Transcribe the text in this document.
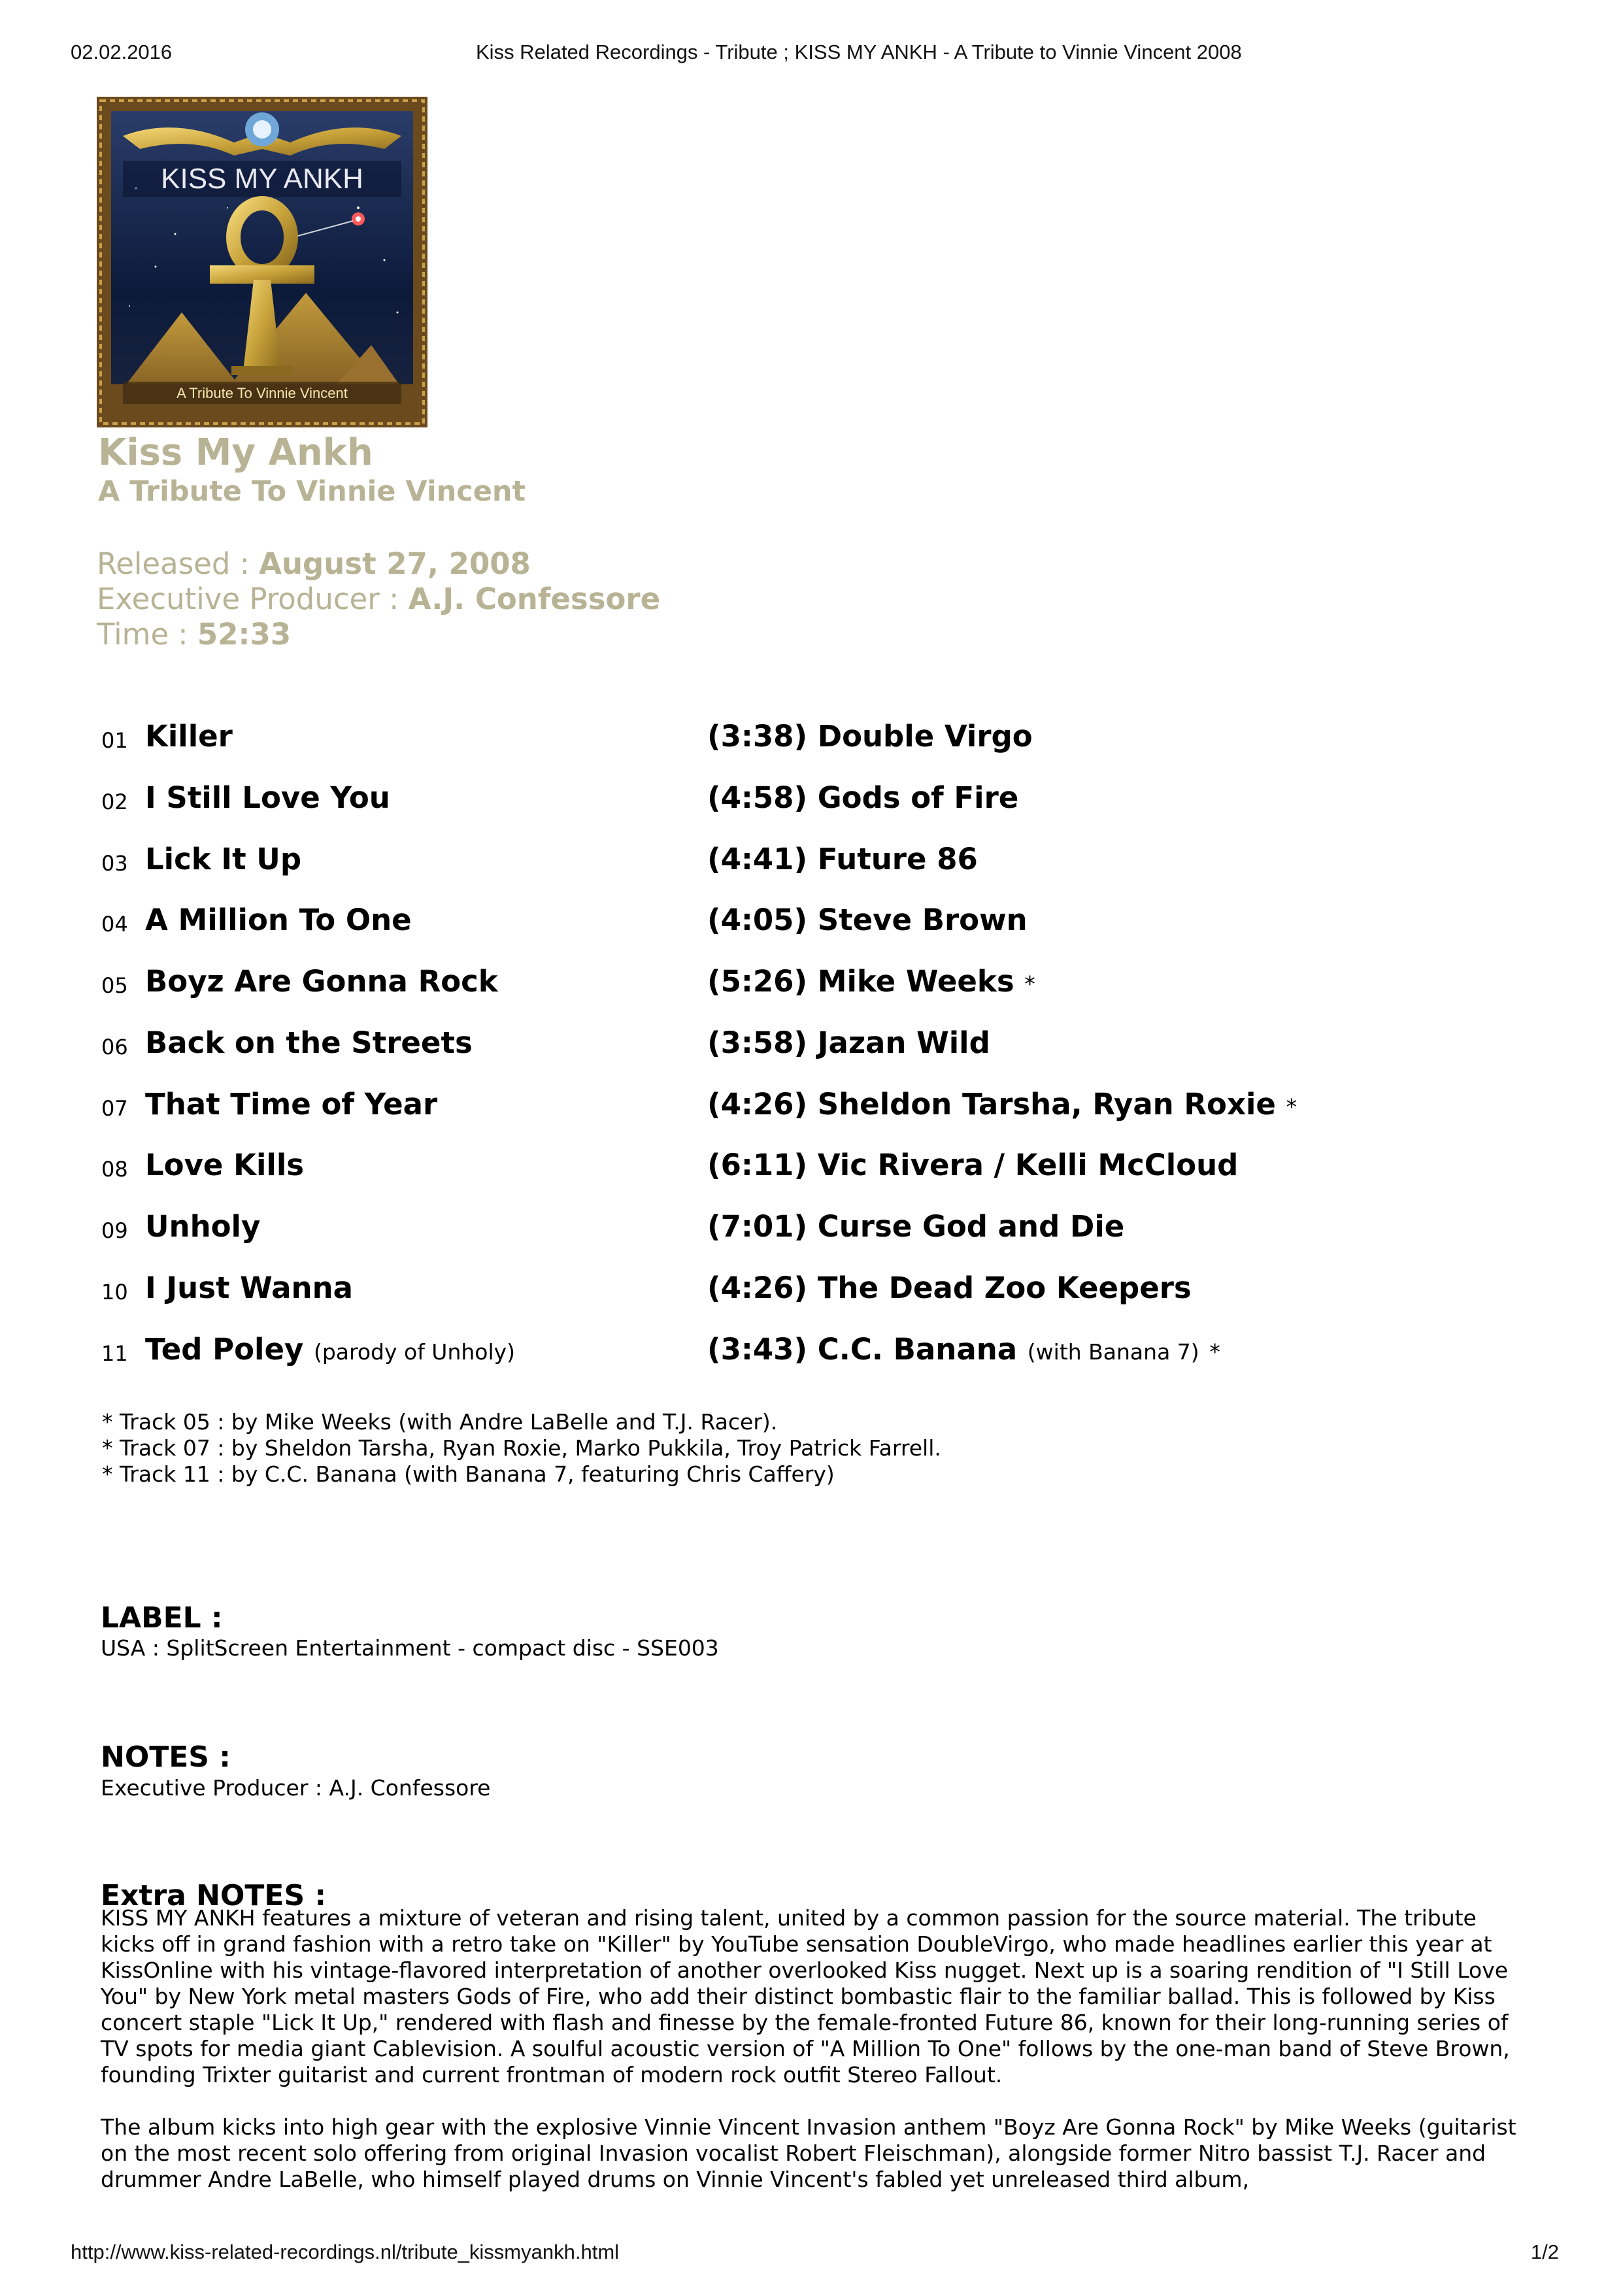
02.02.2016	Kiss Related Recordings - Tribute ; KISS MY ANKH - A Tribute to Vinnie Vincent 2008
KISS MY ANKH
A Tribute To Vinnie Vincent
Kiss My Ankh
A Tribute To Vinnie Vincent
Released : August 27, 2008
Executive Producer : A.J. Confessore
Time : 52:33
01 Killer	(3:38) Double Virgo
02 I Still Love You	(4:58) Gods of Fire
03 Lick It Up	(4:41) Future 86
04 A Million To One	(4:05) Steve Brown
05 Boyz Are Gonna Rock	(5:26) Mike Weeks *
06 Back on the Streets	(3:58) Jazan Wild
07 That Time of Year	(4:26) Sheldon Tarsha, Ryan Roxie *
08 Love Kills	(6:11) Vic Rivera / Kelli McCloud
09 Unholy	(7:01) Curse God and Die
10 I Just Wanna	(4:26) The Dead Zoo Keepers
11 Ted Poley (parody of Unholy)	(3:43) C.C. Banana (with Banana 7) *
* Track 05 : by Mike Weeks (with Andre LaBelle and T.J. Racer).
* Track 07 : by Sheldon Tarsha, Ryan Roxie, Marko Pukkila, Troy Patrick Farrell.
* Track 11 : by C.C. Banana (with Banana 7, featuring Chris Caffery)
LABEL :
USA : SplitScreen Entertainment - compact disc - SSE003
NOTES :
Executive Producer : A.J. Confessore
Extra NOTES :

KISS MY ANKH features a mixture of veteran and rising talent, united by a common passion for the source material. The tribute kicks off in grand fashion with a retro take on "Killer" by YouTube sensation DoubleVirgo, who made headlines earlier this year at KissOnline with his vintage-flavored interpretation of another overlooked Kiss nugget. Next up is a soaring rendition of "I Still Love You" by New York metal masters Gods of Fire, who add their distinct bombastic flair to the familiar ballad. This is followed by Kiss concert staple "Lick It Up," rendered with flash and finesse by the female-fronted Future 86, known for their long-running series of TV spots for media giant Cablevision. A soulful acoustic version of "A Million To One" follows by the one-man band of Steve Brown, founding Trixter guitarist and current frontman of modern rock outfit Stereo Fallout.

The album kicks into high gear with the explosive Vinnie Vincent Invasion anthem "Boyz Are Gonna Rock" by Mike Weeks (guitarist on the most recent solo offering from original Invasion vocalist Robert Fleischman), alongside former Nitro bassist T.J. Racer and drummer Andre LaBelle, who himself played drums on Vinnie Vincent's fabled yet unreleased third album,

http://www.kiss-related-recordings.nl/tribute_kissmyankh.html	1/2
